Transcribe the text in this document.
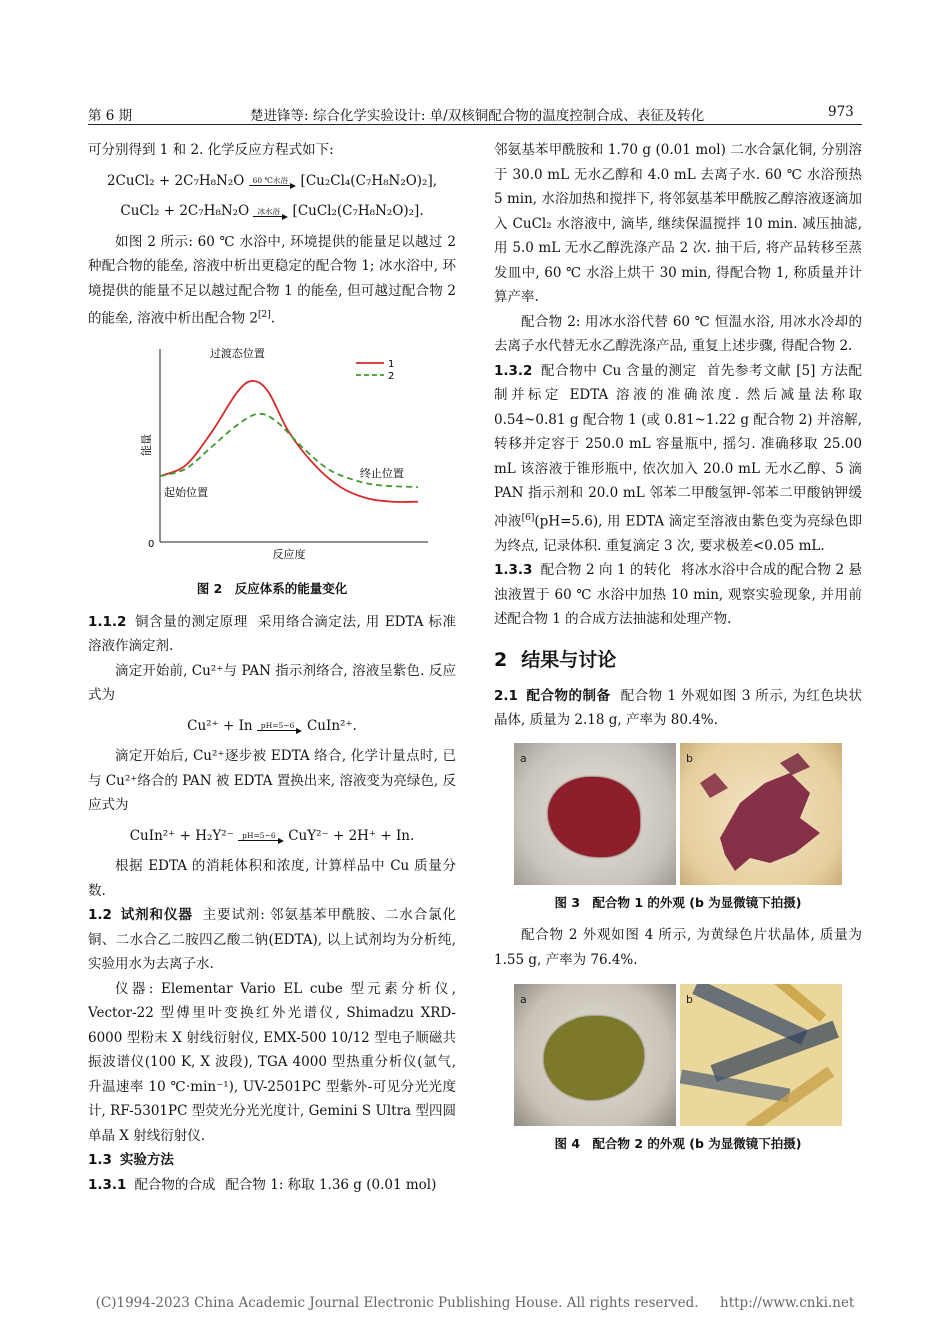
第 6 期	楚进锋等: 综合化学实验设计: 单/双核铜配合物的温度控制合成、表征及转化	973

可分别得到 1 和 2. 化学反应方程式如下:

2CuCl₂ + 2C₇H₈N₂O	60 ℃水浴 [Cu₂Cl₄(C₇H₈N₂O)₂],
CuCl₂ + 2C₇H₈N₂O	冰水浴 [CuCl₂(C₇H₈N₂O)₂].

如图 2 所示: 60 ℃ 水浴中, 环境提供的能量足以越过 2 种配合物的能垒, 溶液中析出更稳定的配合物 1; 冰水浴中, 环境提供的能量不足以越过配合物 1 的能垒, 但可越过配合物 2 的能垒, 溶液中析出配合物 2[2].

0
反应度
能量
过渡态位置
起始位置
终止位置
1
2
图 2　反应体系的能量变化

1.1.2 铜含量的测定原理 采用络合滴定法, 用 EDTA 标准溶液作滴定剂.

滴定开始前, Cu²⁺与 PAN 指示剂络合, 溶液呈紫色. 反应式为

Cu²⁺ + In	pH=5~6 CuIn²⁺.

滴定开始后, Cu²⁺逐步被 EDTA 络合, 化学计量点时, 已与 Cu²⁺络合的 PAN 被 EDTA 置换出来, 溶液变为亮绿色, 反应式为

CuIn²⁺ + H₂Y²⁻	pH=5~6 CuY²⁻ + 2H⁺ + In.

根据 EDTA 的消耗体积和浓度, 计算样品中 Cu 质量分数.

1.2 试剂和仪器 主要试剂: 邻氨基苯甲酰胺、二水合氯化铜、二水合乙二胺四乙酸二钠(EDTA), 以上试剂均为分析纯, 实验用水为去离子水.

仪器: Elementar Vario EL cube 型元素分析仪, Vector-22 型傅里叶变换红外光谱仪, Shimadzu XRD-6000 型粉末 X 射线衍射仪, EMX-500 10/12 型电子顺磁共振波谱仪(100 K, X 波段), TGA 4000 型热重分析仪(氩气, 升温速率 10 ℃·min⁻¹), UV-2501PC 型紫外-可见分光光度计, RF-5301PC 型荧光分光光度计, Gemini S Ultra 型四圆单晶 X 射线衍射仪.

1.3 实验方法

1.3.1 配合物的合成 配合物 1: 称取 1.36 g (0.01 mol)

邻氨基苯甲酰胺和 1.70 g (0.01 mol) 二水合氯化铜, 分别溶于 30.0 mL 无水乙醇和 4.0 mL 去离子水. 60 ℃ 水浴预热 5 min, 水浴加热和搅拌下, 将邻氨基苯甲酰胺乙醇溶液逐滴加入 CuCl₂ 水溶液中, 滴毕, 继续保温搅拌 10 min. 减压抽滤, 用 5.0 mL 无水乙醇洗涤产品 2 次. 抽干后, 将产品转移至蒸发皿中, 60 ℃ 水浴上烘干 30 min, 得配合物 1, 称质量并计算产率.

配合物 2: 用冰水浴代替 60 ℃ 恒温水浴, 用冰水冷却的去离子水代替无水乙醇洗涤产品, 重复上述步骤, 得配合物 2.

1.3.2 配合物中 Cu 含量的测定 首先参考文献 [5] 方法配制并标定 EDTA 溶液的准确浓度. 然后减量法称取 0.54~0.81 g 配合物 1 (或 0.81~1.22 g 配合物 2) 并溶解, 转移并定容于 250.0 mL 容量瓶中, 摇匀. 准确移取 25.00 mL 该溶液于锥形瓶中, 依次加入 20.0 mL 无水乙醇、5 滴 PAN 指示剂和 20.0 mL 邻苯二甲酸氢钾-邻苯二甲酸钠钾缓冲液[6](pH=5.6), 用 EDTA 滴定至溶液由紫色变为亮绿色即为终点, 记录体积. 重复滴定 3 次, 要求极差<0.05 mL.

1.3.3 配合物 2 向 1 的转化 将冰水浴中合成的配合物 2 悬浊液置于 60 ℃ 水浴中加热 10 min, 观察实验现象, 并用前述配合物 1 的合成方法抽滤和处理产物.

2 结果与讨论

2.1 配合物的制备 配合物 1 外观如图 3 所示, 为红色块状晶体, 质量为 2.18 g, 产率为 80.4%.

a	b
图 3　配合物 1 的外观 (b 为显微镜下拍摄)

配合物 2 外观如图 4 所示, 为黄绿色片状晶体, 质量为 1.55 g, 产率为 76.4%.

a	b
图 4　配合物 2 的外观 (b 为显微镜下拍摄)
(C)1994-2023 China Academic Journal Electronic Publishing House. All rights reserved. http://www.cnki.net
